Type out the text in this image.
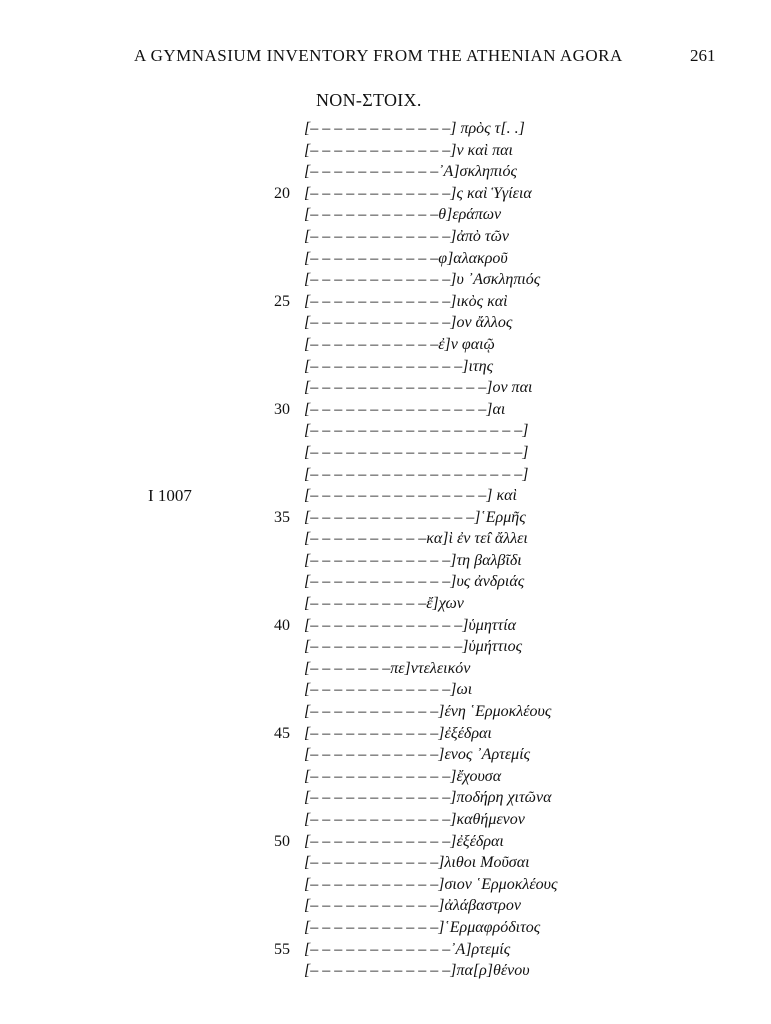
A GYMNASIUM INVENTORY FROM THE ATHENIAN AGORA	261
NON-ΣΤΟΙΧ.
[– – – – – – – – – – – –] πρὸς τ[. .]
[– – – – – – – – – – – –]ν καὶ παι
[– – – – – – – – – – –᾿Α]σκληπιός
20 [– – – – – – – – – – – –]ς καὶ Ὑγίεια
[– – – – – – – – – – –θ]εράπων
[– – – – – – – – – – – –]ἀπὸ τῶν
[– – – – – – – – – – –φ]αλακροῦ
[– – – – – – – – – – – –]υ ᾿Ασκληπιός
25 [– – – – – – – – – – – –]ικὸς καὶ
[– – – – – – – – – – – –]ον ἄλλος
[– – – – – – – – – – –ἐ]ν φαιῷ
[– – – – – – – – – – – – –]ιτης
[– – – – – – – – – – – – – – –]ον παι
30 [– – – – – – – – – – – – – – –]αι
[– – – – – – – – – – – – – – – – – –]
[– – – – – – – – – – – – – – – – – –]
[– – – – – – – – – – – – – – – – – –]
[– – – – – – – – – – – – – – –] καὶ
I 1007
35 [– – – – – – – – – – – – – –]῾Ερμῆς
[– – – – – – – – – –κα]ὶ ἐν τε̂ι ἄλλει
[– – – – – – – – – – – –]τη βαλβῖδι
[– – – – – – – – – – – –]υς ἀνδριάς
[– – – – – – – – – –ἔ]χων
40 [– – – – – – – – – – – – –]ὑμηττία
[– – – – – – – – – – – – –]ὑμήττιος
[– – – – – – –πε]ντελεικόν
[– – – – – – – – – – – –]ωι
[– – – – – – – – – – –]ένη ῾Ερμοκλέους
45 [– – – – – – – – – – –]ἐξέδραι
[– – – – – – – – – – –]ενος ᾿Αρτεμίς
[– – – – – – – – – – – –]ἔχουσα
[– – – – – – – – – – – –]ποδήρη χιτῶνα
[– – – – – – – – – – – –]καθήμενον
50 [– – – – – – – – – – – –]ἐξέδραι
[– – – – – – – – – – –]λιθοι Μοῦσαι
[– – – – – – – – – – –]σιον ῾Ερμοκλέους
[– – – – – – – – – – –]ἀλάβαστρον
[– – – – – – – – – – –]῾Ερμαφρόδιτος
55 [– – – – – – – – – – – –᾿Α]ρτεμίς
[– – – – – – – – – – – –]πα[ρ]θένου
